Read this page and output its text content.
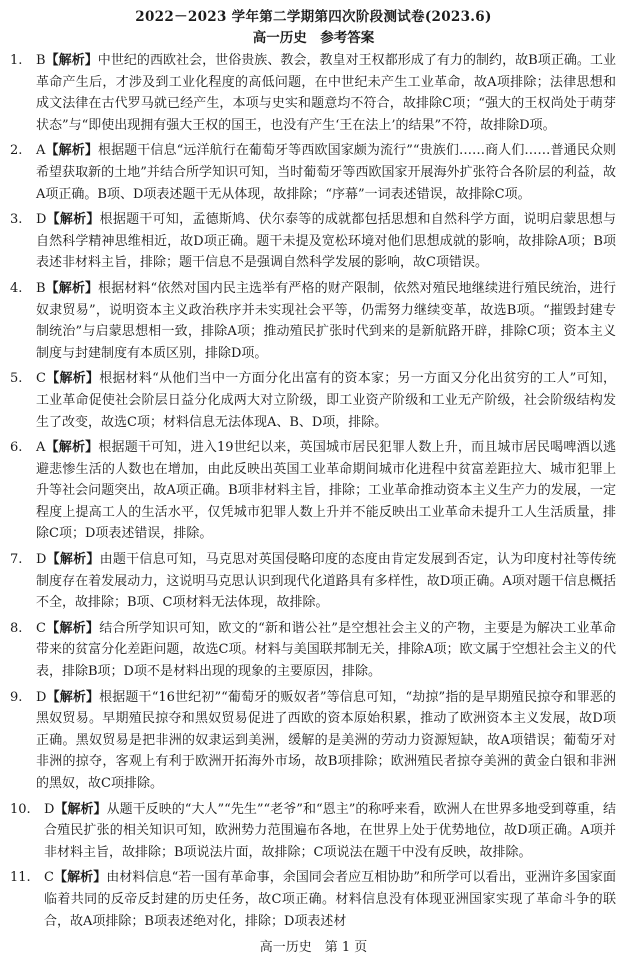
2022－2023 学年第二学期第四次阶段测试卷(2023.6)
高一历史　参考答案
1.	B【解析】中世纪的西欧社会，世俗贵族、教会，教皇对王权都形成了有力的制约，故B项正确。工业革命产生后，才涉及到工业化程度的高低问题，在中世纪未产生工业革命，故A项排除；法律思想和成文法律在古代罗马就已经产生，本项与史实和题意均不符合，故排除C项；“强大的王权尚处于萌芽状态”与“即使出现拥有强大王权的国王，也没有产生‘王在法上’的结果”不符，故排除D项。
2.	A【解析】根据题干信息“远洋航行在葡萄牙等西欧国家颇为流行”“贵族们……商人们……普通民众则希望获取新的土地”并结合所学知识可知，当时葡萄牙等西欧国家开展海外扩张符合各阶层的利益，故A项正确。B项、D项表述题干无从体现，故排除；“序幕”一词表述错误，故排除C项。
3.	D【解析】根据题干可知，孟德斯鸠、伏尔泰等的成就都包括思想和自然科学方面，说明启蒙思想与自然科学精神思维相近，故D项正确。题干未提及宽松环境对他们思想成就的影响，故排除A项；B项表述非材料主旨，排除；题干信息不是强调自然科学发展的影响，故C项错误。
4.	B【解析】根据材料“依然对国内民主选举有严格的财产限制，依然对殖民地继续进行殖民统治，进行奴隶贸易”，说明资本主义政治秩序并未实现社会平等，仍需努力继续变革，故选B项。“摧毁封建专制统治”与启蒙思想相一致，排除A项；推动殖民扩张时代到来的是新航路开辟，排除C项；资本主义制度与封建制度有本质区别，排除D项。
5.	C【解析】根据材料“从他们当中一方面分化出富有的资本家；另一方面又分化出贫穷的工人”可知，工业革命促使社会阶层日益分化成两大对立阶级，即工业资产阶级和工业无产阶级，社会阶级结构发生了改变，故选C项；材料信息无法体现A、B、D项，排除。
6.	A【解析】根据题干可知，进入19世纪以来，英国城市居民犯罪人数上升，而且城市居民喝啤酒以逃避悲惨生活的人数也在增加，由此反映出英国工业革命期间城市化进程中贫富差距拉大、城市犯罪上升等社会问题突出，故A项正确。B项非材料主旨，排除；工业革命推动资本主义生产力的发展，一定程度上提高工人的生活水平，仅凭城市犯罪人数上升并不能反映出工业革命未提升工人生活质量，排除C项；D项表述错误，排除。
7.	D【解析】由题干信息可知，马克思对英国侵略印度的态度由肯定发展到否定，认为印度村社等传统制度存在着发展动力，这说明马克思认识到现代化道路具有多样性，故D项正确。A项对题干信息概括不全，故排除；B项、C项材料无法体现，故排除。
8.	C【解析】结合所学知识可知，欧文的“新和谐公社”是空想社会主义的产物，主要是为解决工业革命带来的贫富分化差距问题，故选C项。材料与美国联邦制无关，排除A项；欧文属于空想社会主义的代表，排除B项；D项不是材料出现的现象的主要原因，排除。
9.	D【解析】根据题干“16世纪初”“葡萄牙的贩奴者”等信息可知，“劫掠”指的是早期殖民掠夺和罪恶的黑奴贸易。早期殖民掠夺和黑奴贸易促进了西欧的资本原始积累，推动了欧洲资本主义发展，故D项正确。黑奴贸易是把非洲的奴隶运到美洲，缓解的是美洲的劳动力资源短缺，故A项错误；葡萄牙对非洲的掠夺，客观上有利于欧洲开拓海外市场，故B项排除；欧洲殖民者掠夺美洲的黄金白银和非洲的黑奴，故C项排除。
10.	D【解析】从题干反映的“大人”“先生”“老爷”和“恩主”的称呼来看，欧洲人在世界多地受到尊重，结合殖民扩张的相关知识可知，欧洲势力范围遍布各地，在世界上处于优势地位，故D项正确。A项并非材料主旨，故排除；B项说法片面，故排除；C项说法在题干中没有反映，故排除。
11.	C【解析】由材料信息“若一国有革命事，余国同会者应互相协助”和所学可以看出，亚洲许多国家面临着共同的反帝反封建的历史任务，故C项正确。材料信息没有体现亚洲国家实现了革命斗争的联合，故A项排除；B项表述绝对化，排除；D项表述材
高一历史　第 1 页
